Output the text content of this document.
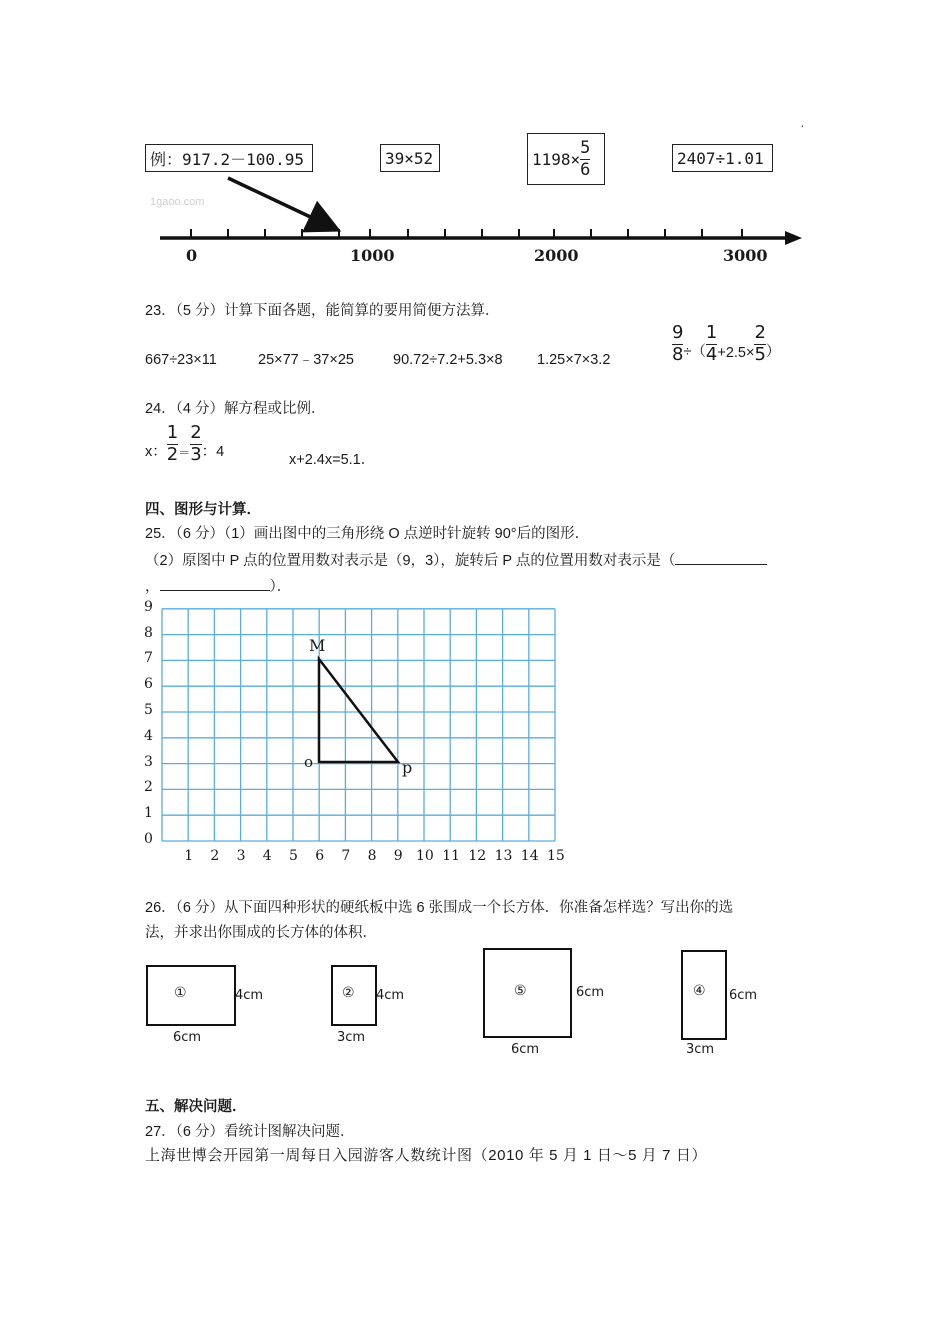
例：917.2－100.95	39×52	$1198\times \frac{5}{6}$	2407÷1.01
1gaoo.com
·
0	1000	2000	3000
23．（5 分）计算下面各题，能简算的要用简便方法算．
667÷23×11	25×77﹣37×25	90.72÷7.2+5.3×8 1.25×7×3.2	$\frac{9}{8}$ ÷（ $\frac{1}{4} +2.5\times \frac{2}{5}$ ）
24．（4 分）解方程或比例．
x： $\frac{1}{2} = \frac{2}{3}$ ：4	x+2.4x=5.1．
四、图形与计算．
25．（6 分）（1）画出图中的三角形绕 O 点逆时针旋转 90°后的图形．
（2）原图中 P 点的位置用数对表示是（9，3），旋转后 P 点的位置用数对表示是（
，	）．
0
1
2
3
4
5
6
7
8
9
1 2 3 4 5 6 7 8 9 10 11 12 13 14 15
M
o	p
26．（6 分）从下面四种形状的硬纸板中选 6 张围成一个长方体．你准备怎样选？写出你的选
法，并求出你围成的长方体的体积．
①	4cm
6cm
② 4cm
3cm
⑤	6cm
6cm
④ 6cm
3cm
五、解决问题．
27．（6 分）看统计图解决问题．
上海世博会开园第一周每日入园游客人数统计图（2010 年 5 月 1 日～5 月 7 日）
